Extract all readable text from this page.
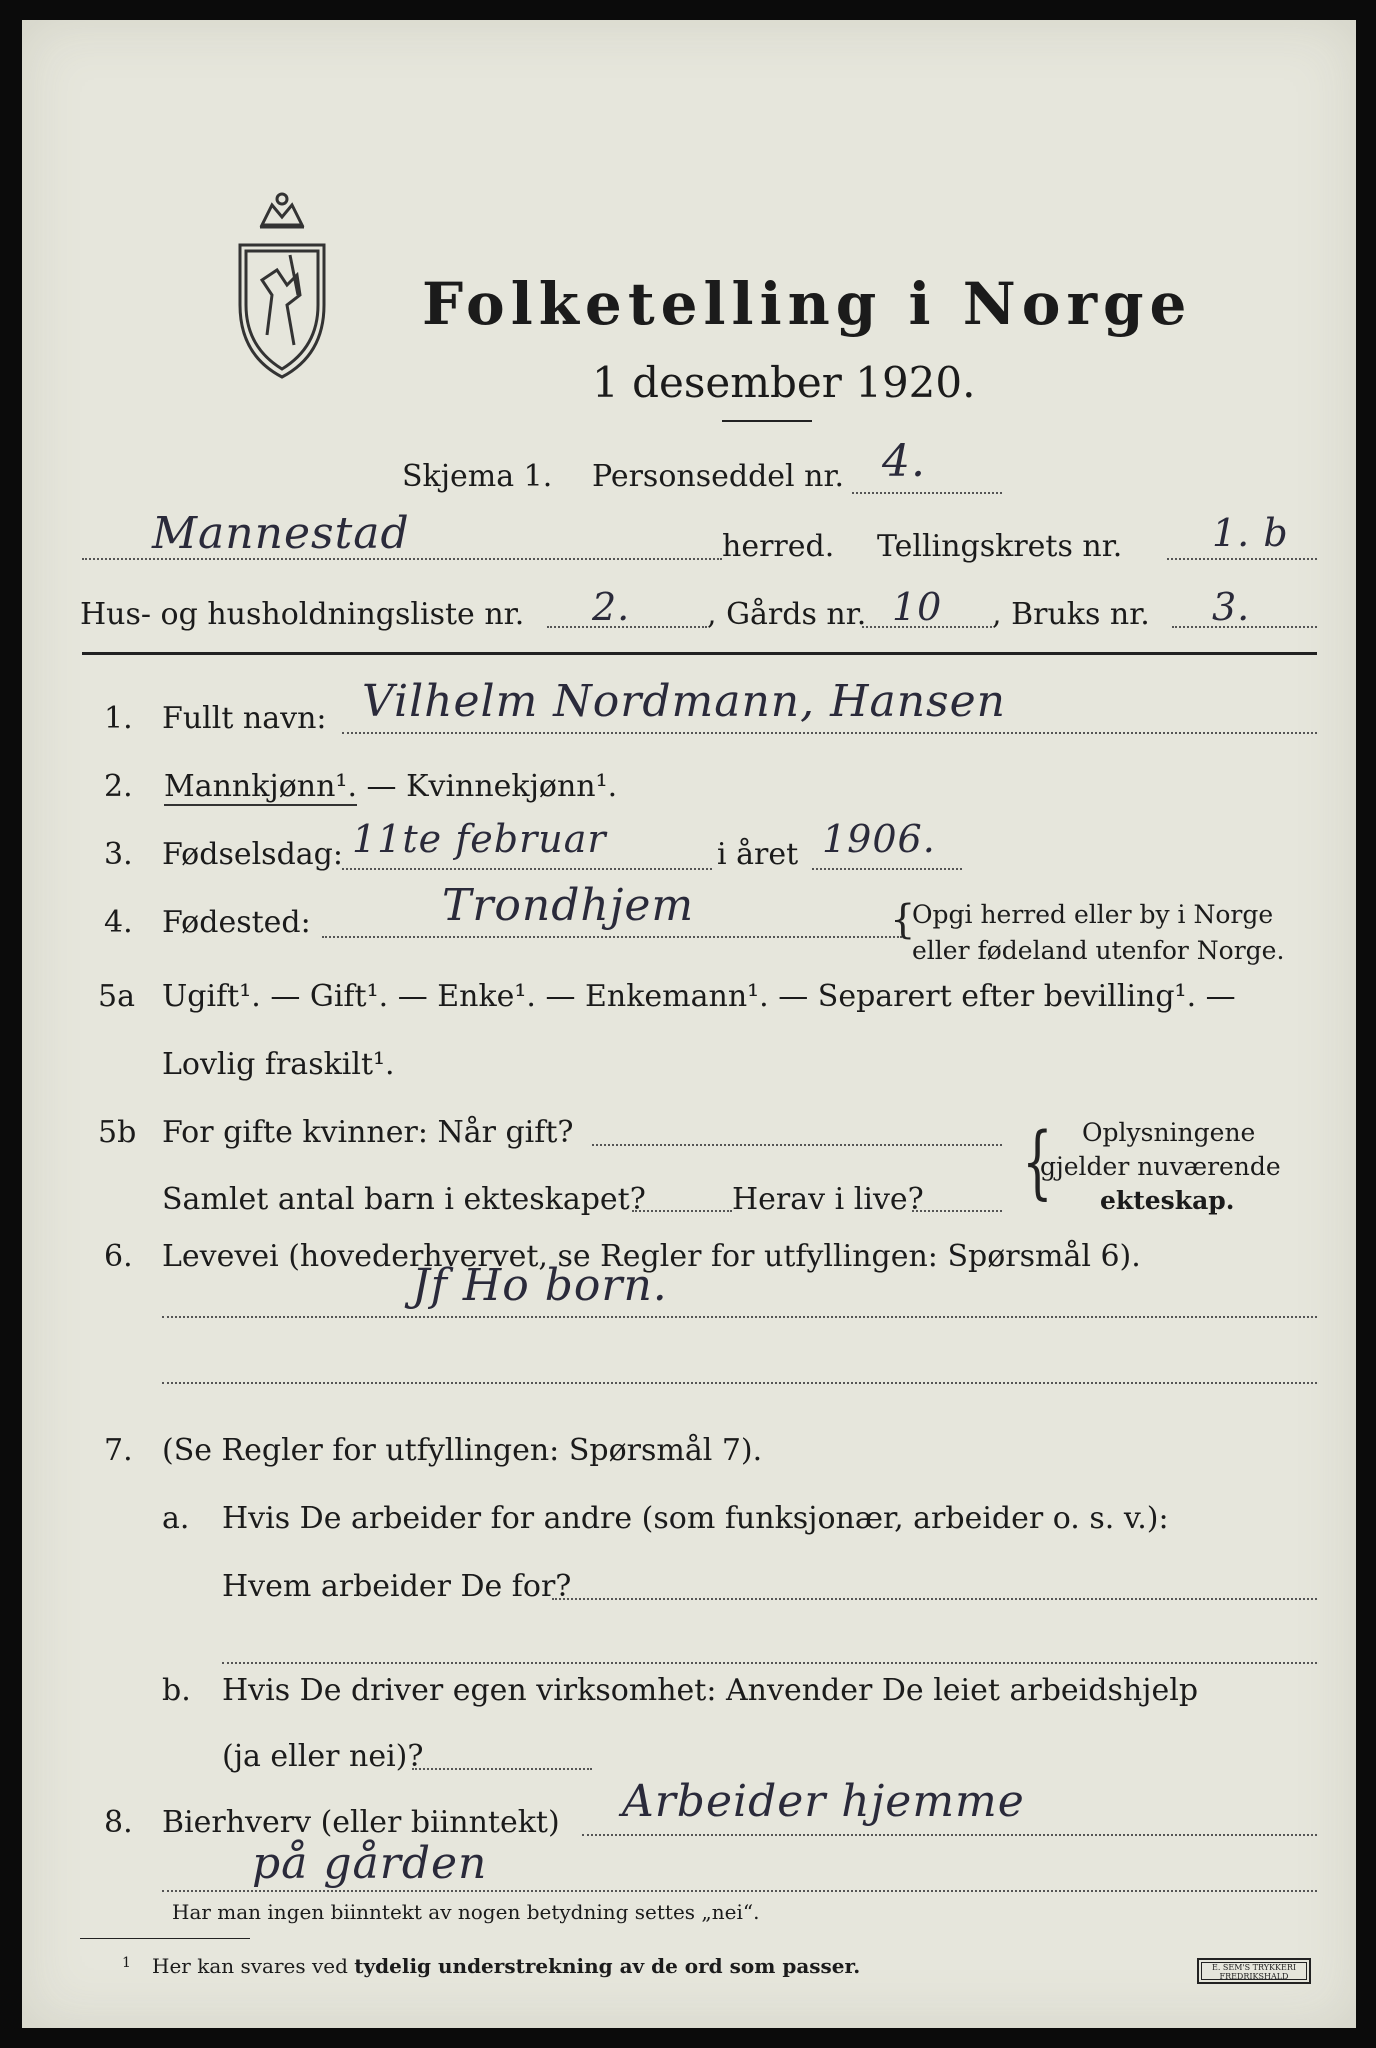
Folketelling i Norge
1 desember 1920.
Skjema 1. Personseddel nr. 4.
Mannestad	herred. Tellingskrets nr. 1. b
Hus- og husholdningsliste nr. 2.	, Gårds nr. 10 , Bruks nr. 3.
1. Fullt navn: Vilhelm Nordmann, Hansen
2. Mannkjønn¹. — Kvinnekjønn¹.
3. Fødselsdag: 11te februar	i året 1906.
4. Fødested:	Trondhjem	{
Opgi herred eller by i Norge
eller fødeland utenfor Norge.
5a Ugift¹. — Gift¹. — Enke¹. — Enkemann¹. — Separert efter bevilling¹. —
Lovlig fraskilt¹.
5b For gifte kvinner: Når gift?
Samlet antal barn i ekteskapet?	Herav i live? { Oplysningene
gjelder nuværende
ekteskap.
6. Levevei (hovederhvervet, se Regler for utfyllingen: Spørsmål 6).
Jf Ho born.
7. (Se Regler for utfyllingen: Spørsmål 7).
a. Hvis De arbeider for andre (som funksjonær, arbeider o. s. v.):
Hvem arbeider De for?
b. Hvis De driver egen virksomhet: Anvender De leiet arbeidshjelp
(ja eller nei)?
8. Bierhverv (eller biinntekt) Arbeider hjemme
på gården
Har man ingen biinntekt av nogen betydning settes „nei“.
1 Her kan svares ved tydelig understrekning av de ord som passer.	E. SEM'S TRYKKERI FREDRIKSHALD
